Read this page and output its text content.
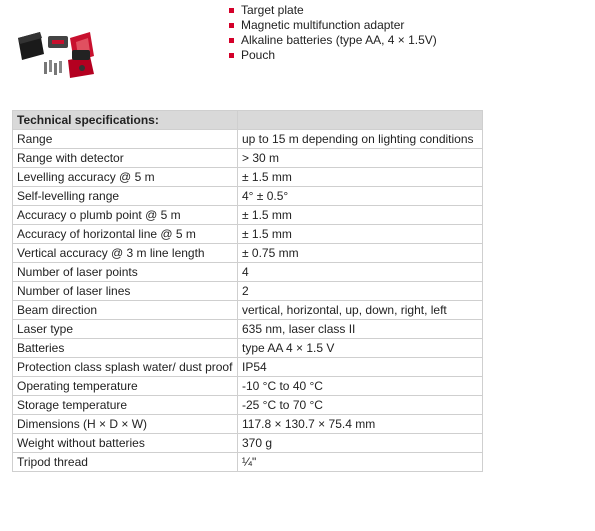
Target plate
Magnetic multifunction adapter
Alkaline batteries (type AA, 4 × 1.5V)
Pouch
Technical specifications:	
Range	up to 15 m depending on lighting conditions
Range with detector	> 30 m
Levelling accuracy @ 5 m	± 1.5 mm
Self-levelling range	4° ± 0.5°
Accuracy o plumb point @ 5 m	± 1.5 mm
Accuracy of horizontal line @ 5 m	± 1.5 mm
Vertical accuracy @ 3 m line length	± 0.75 mm
Number of laser points	4
Number of laser lines	2
Beam direction	vertical, horizontal, up, down, right, left
Laser type	635 nm, laser class II
Batteries	type AA 4 × 1.5 V
Protection class splash water/ dust proof	IP54
Operating temperature	-10 °C to 40 °C
Storage temperature	-25 °C to 70 °C
Dimensions (H × D × W)	117.8 × 130.7 × 75.4 mm
Weight without batteries	370 g
Tripod thread	¼"
